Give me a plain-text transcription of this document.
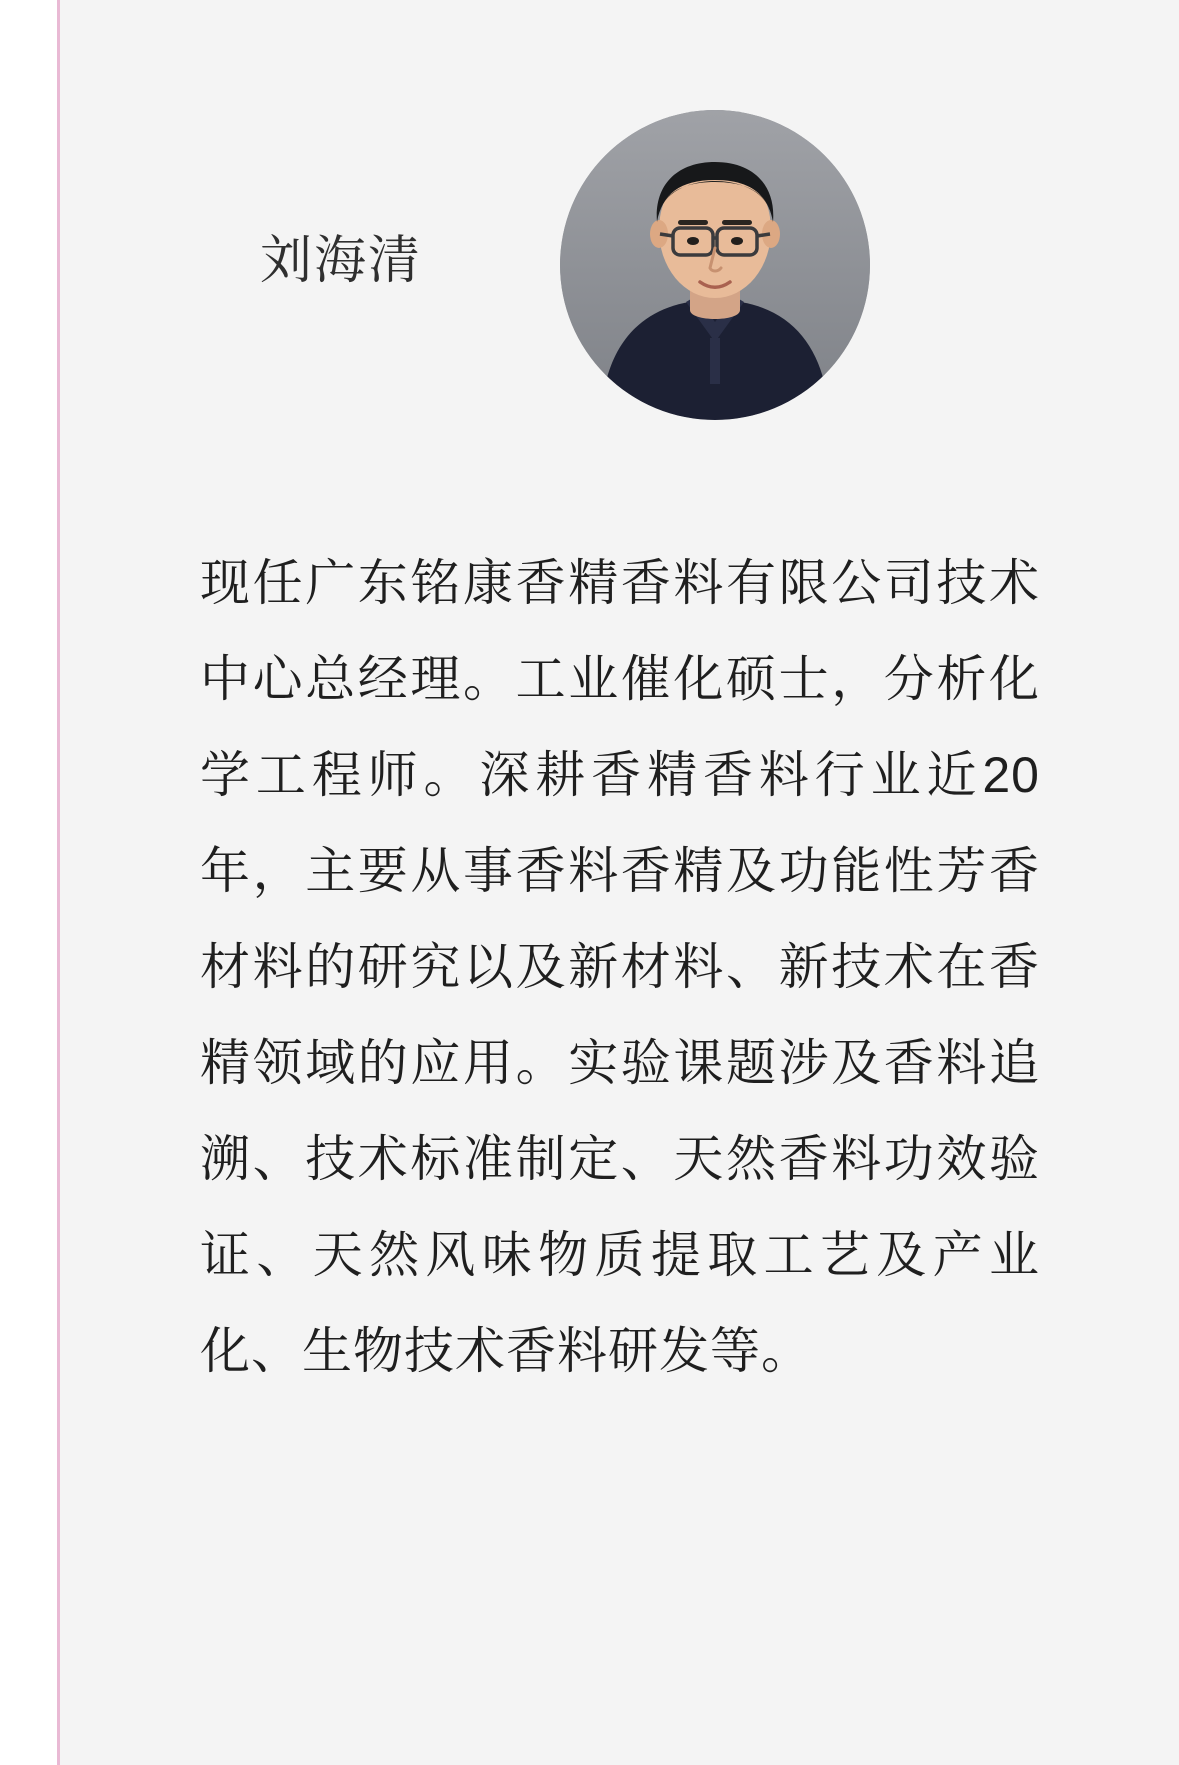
刘海清
现任广东铭康香精香料有限公司技术中心总经理。工业催化硕士，分析化学工程师。深耕香精香料行业近20年，主要从事香料香精及功能性芳香材料的研究以及新材料、新技术在香精领域的应用。实验课题涉及香料追溯、技术标准制定、天然香料功效验证、天然风味物质提取工艺及产业化、生物技术香料研发等。
